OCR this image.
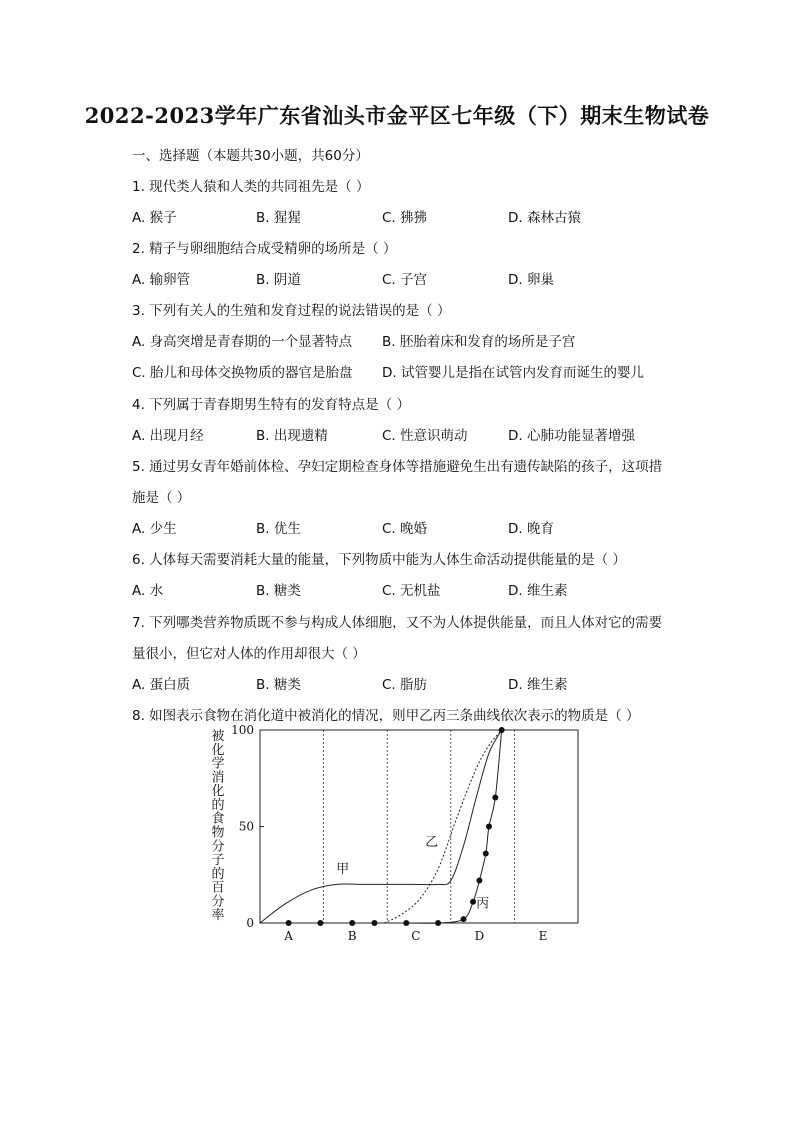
2022-2023学年广东省汕头市金平区七年级（下）期末生物试卷
一、选择题（本题共30小题，共60分）
1. 现代类人猿和人类的共同祖先是（ ）
A. 猴子	B. 猩猩	C. 狒狒	D. 森林古猿
2. 精子与卵细胞结合成受精卵的场所是（ ）
A. 输卵管	B. 阴道	C. 子宫	D. 卵巢
3. 下列有关人的生殖和发育过程的说法错误的是（ ）
A. 身高突增是青春期的一个显著特点 B. 胚胎着床和发育的场所是子宫
C. 胎儿和母体交换物质的器官是胎盘 D. 试管婴儿是指在试管内发育而诞生的婴儿
4. 下列属于青春期男生特有的发育特点是（ ）
A. 出现月经	B. 出现遗精	C. 性意识萌动	D. 心肺功能显著增强
5. 通过男女青年婚前体检、孕妇定期检查身体等措施避免生出有遗传缺陷的孩子，这项措
施是（ ）
A. 少生	B. 优生	C. 晚婚	D. 晚育
6. 人体每天需要消耗大量的能量，下列物质中能为人体生命活动提供能量的是（ ）
A. 水	B. 糖类	C. 无机盐	D. 维生素
7. 下列哪类营养物质既不参与构成人体细胞，又不为人体提供能量，而且人体对它的需要
量很小，但它对人体的作用却很大（ ）
A. 蛋白质	B. 糖类	C. 脂肪	D. 维生素
8. 如图表示食物在消化道中被消化的情况，则甲乙丙三条曲线依次表示的物质是（ ）
被
化
学
消
化
的
食
物
分
子
的
百
分
率 0
50
100
A	B	C	D	E
甲
乙
丙
